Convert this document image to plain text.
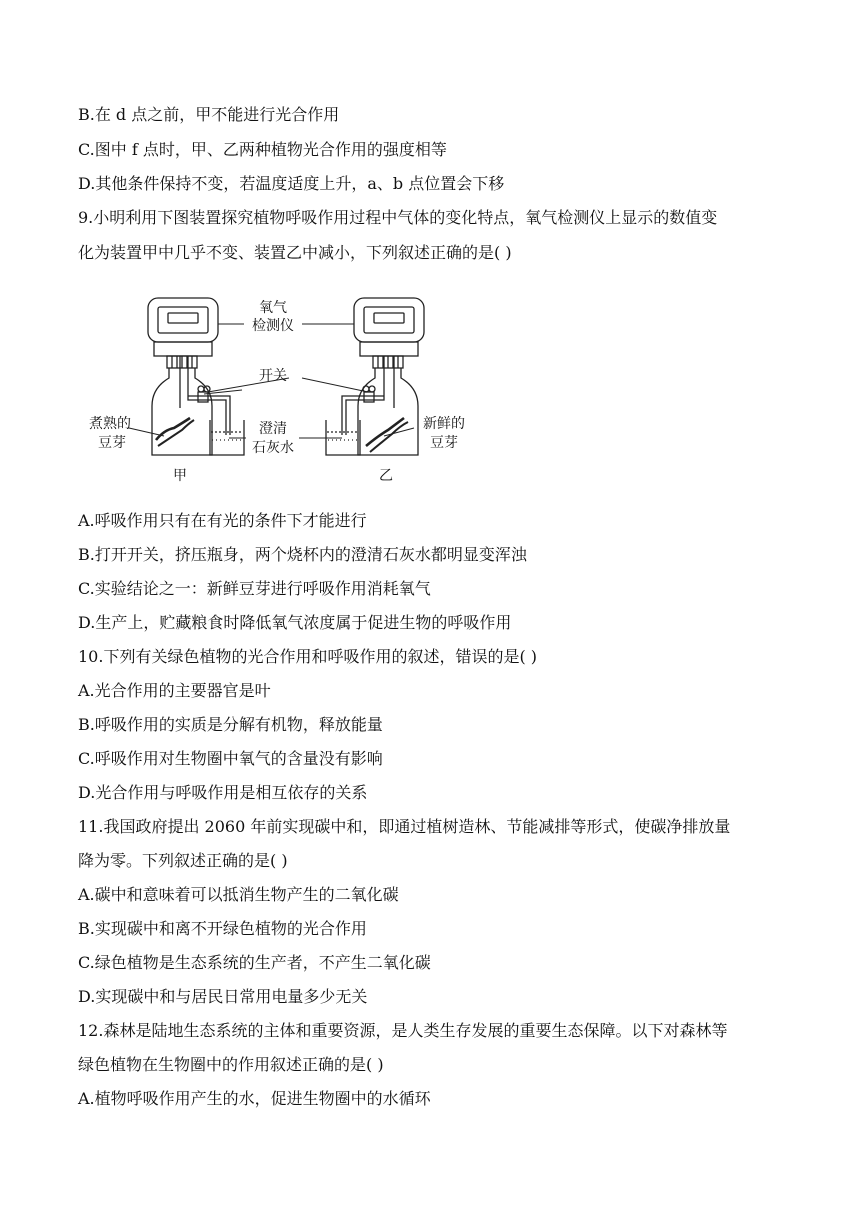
B.在 d 点之前，甲不能进行光合作用
C.图中 f 点时，甲、乙两种植物光合作用的强度相等
D.其他条件保持不变，若温度适度上升，a、b 点位置会下移
9.小明利用下图装置探究植物呼吸作用过程中气体的变化特点，氧气检测仪上显示的数值变
化为装置甲中几乎不变、装置乙中减小，下列叙述正确的是( )
A.呼吸作用只有在有光的条件下才能进行
B.打开开关，挤压瓶身，两个烧杯内的澄清石灰水都明显变浑浊
C.实验结论之一：新鲜豆芽进行呼吸作用消耗氧气
D.生产上，贮藏粮食时降低氧气浓度属于促进生物的呼吸作用
10.下列有关绿色植物的光合作用和呼吸作用的叙述，错误的是( )
A.光合作用的主要器官是叶
B.呼吸作用的实质是分解有机物，释放能量
C.呼吸作用对生物圈中氧气的含量没有影响
D.光合作用与呼吸作用是相互依存的关系
11.我国政府提出 2060 年前实现碳中和，即通过植树造林、节能减排等形式，使碳净排放量
降为零。下列叙述正确的是( )
A.碳中和意味着可以抵消生物产生的二氧化碳
B.实现碳中和离不开绿色植物的光合作用
C.绿色植物是生态系统的生产者，不产生二氧化碳
D.实现碳中和与居民日常用电量多少无关
12.森林是陆地生态系统的主体和重要资源，是人类生存发展的重要生态保障。以下对森林等
绿色植物在生物圈中的作用叙述正确的是( )
A.植物呼吸作用产生的水，促进生物圈中的水循环
氧气
检测仪
开关
煮熟的
豆芽
澄清
石灰水
新鲜的
豆芽
甲	乙
